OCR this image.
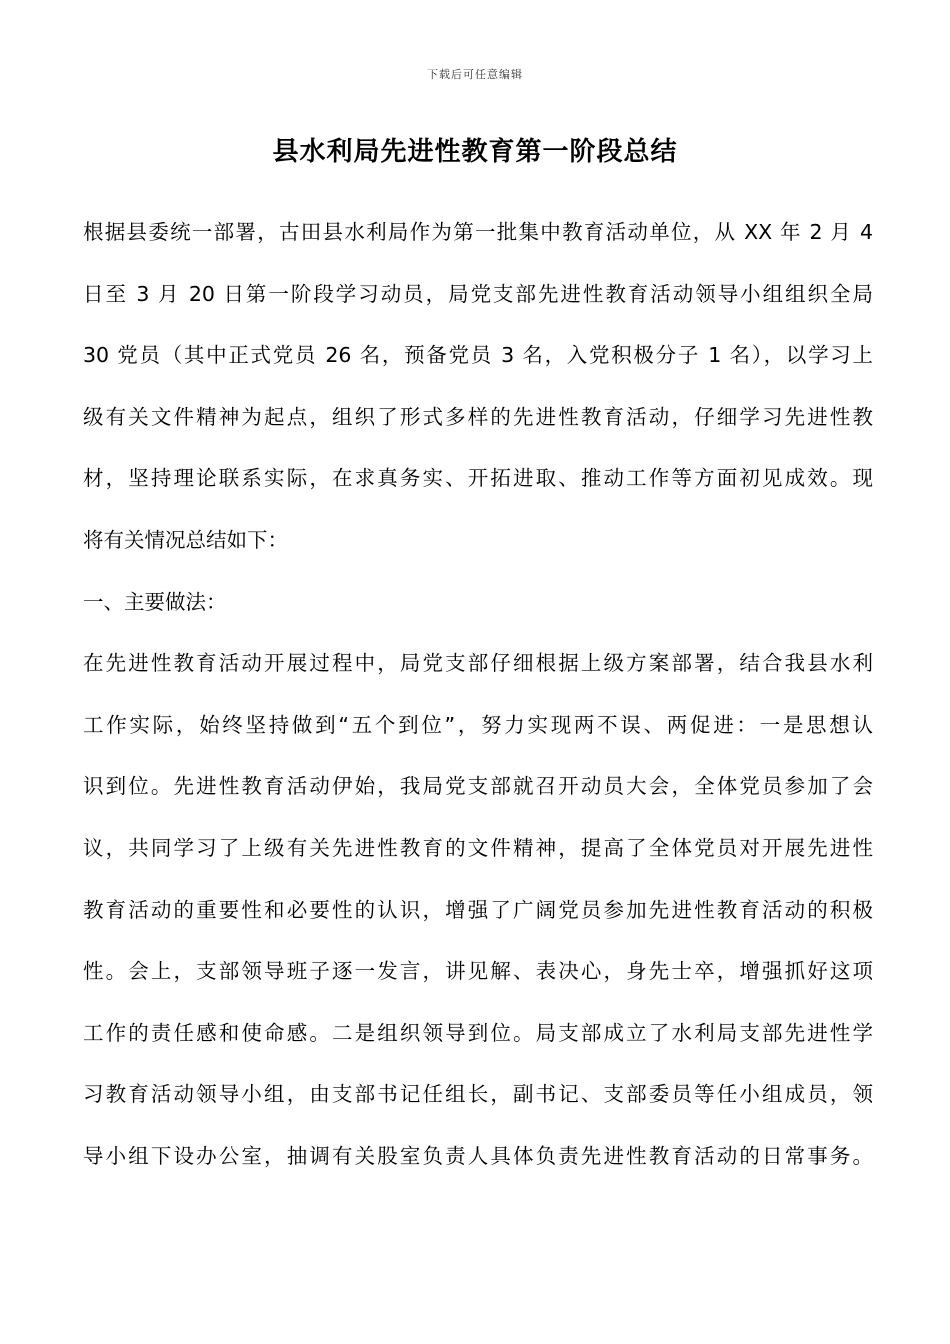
下载后可任意编辑
县水利局先进性教育第一阶段总结
根据县委统一部署，古田县水利局作为第一批集中教育活动单位，从 XX 年 2 月 4
日至 3 月 20 日第一阶段学习动员，局党支部先进性教育活动领导小组组织全局
30 党员（其中正式党员 26 名，预备党员 3 名，入党积极分子 1 名），以学习上
级有关文件精神为起点，组织了形式多样的先进性教育活动，仔细学习先进性教
材，坚持理论联系实际，在求真务实、开拓进取、推动工作等方面初见成效。现
将有关情况总结如下：
一、主要做法：
在先进性教育活动开展过程中，局党支部仔细根据上级方案部署，结合我县水利
工作实际，始终坚持做到“五个到位”，努力实现两不误、两促进：一是思想认
识到位。先进性教育活动伊始，我局党支部就召开动员大会，全体党员参加了会
议，共同学习了上级有关先进性教育的文件精神，提高了全体党员对开展先进性
教育活动的重要性和必要性的认识，增强了广阔党员参加先进性教育活动的积极
性。会上，支部领导班子逐一发言，讲见解、表决心，身先士卒，增强抓好这项
工作的责任感和使命感。二是组织领导到位。局支部成立了水利局支部先进性学
习教育活动领导小组，由支部书记任组长，副书记、支部委员等任小组成员，领
导小组下设办公室，抽调有关股室负责人具体负责先进性教育活动的日常事务。
